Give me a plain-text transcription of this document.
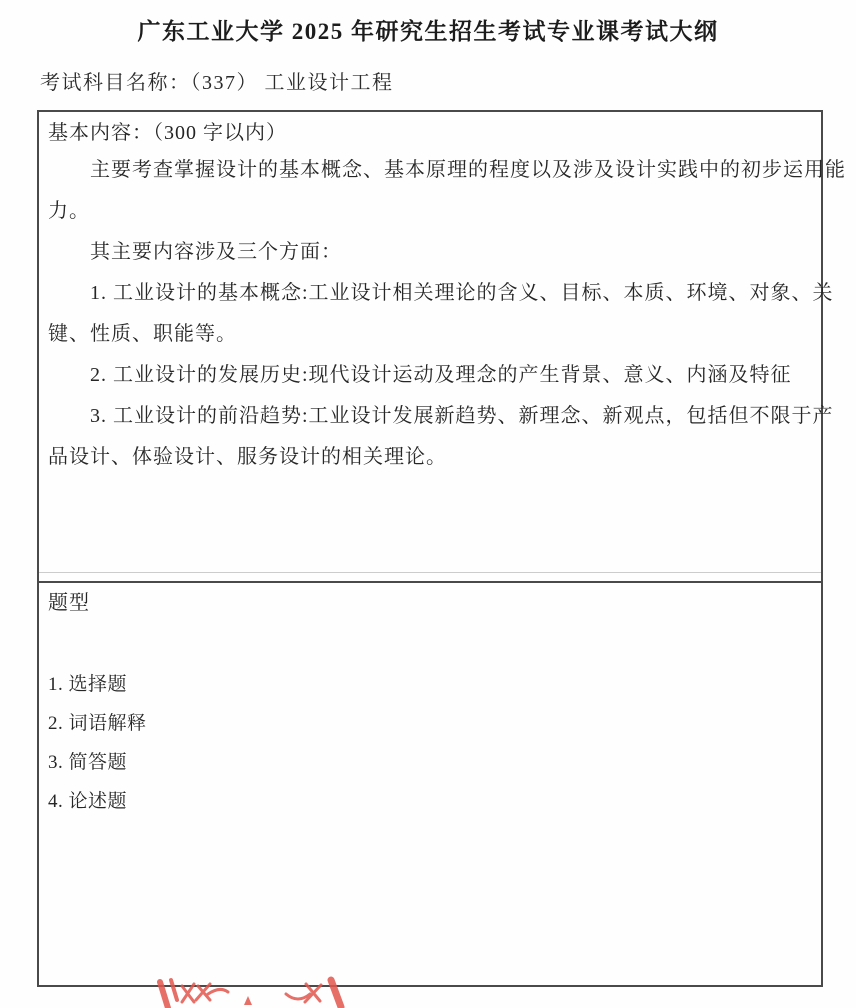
广东工业大学 2025 年研究生招生考试专业课考试大纲
考试科目名称：（337） 工业设计工程
基本内容：（300 字以内）

主要考查掌握设计的基本概念、基本原理的程度以及涉及设计实践中的初步运用能

力。

其主要内容涉及三个方面：

1. 工业设计的基本概念:工业设计相关理论的含义、目标、本质、环境、对象、关

键、性质、职能等。

2. 工业设计的发展历史:现代设计运动及理念的产生背景、意义、内涵及特征

3. 工业设计的前沿趋势:工业设计发展新趋势、新理念、新观点，包括但不限于产

品设计、体验设计、服务设计的相关理论。

题型

1. 选择题

2. 词语解释

3. 简答题

4. 论述题
